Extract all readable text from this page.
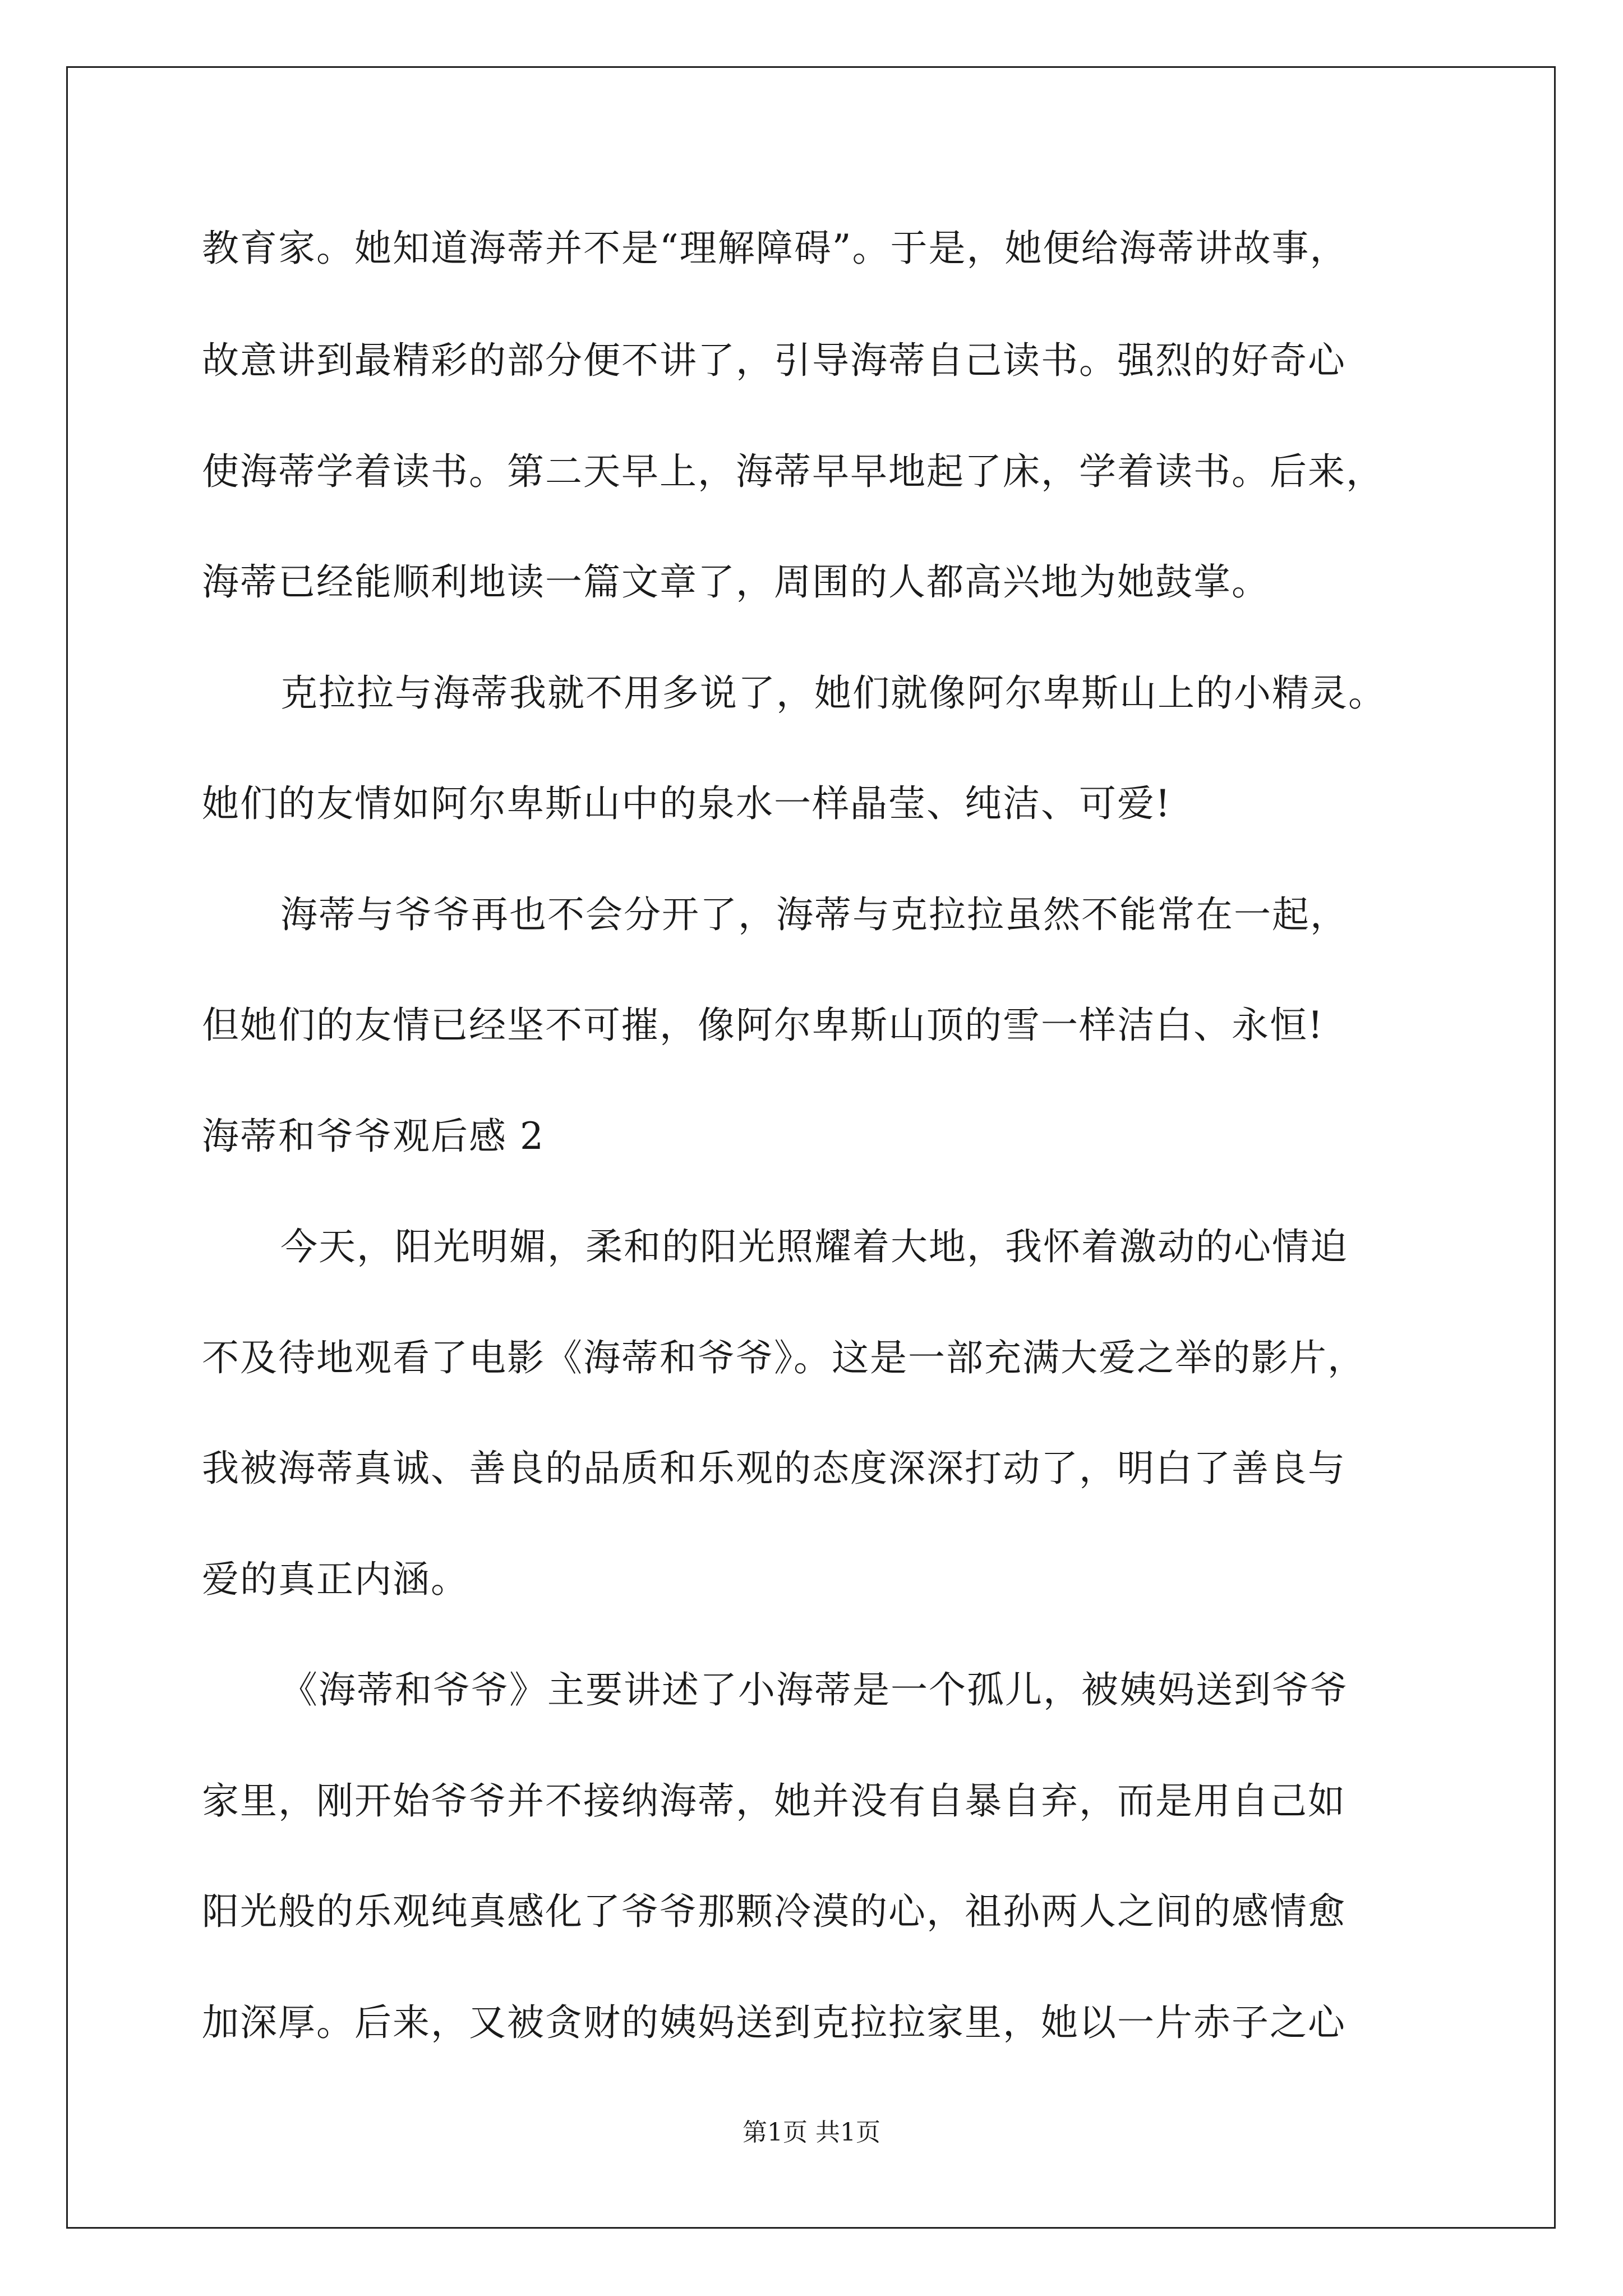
教育家。她知道海蒂并不是“理解障碍”。于是，她便给海蒂讲故事，
故意讲到最精彩的部分便不讲了，引导海蒂自己读书。强烈的好奇心
使海蒂学着读书。第二天早上，海蒂早早地起了床，学着读书。后来，
海蒂已经能顺利地读一篇文章了，周围的人都高兴地为她鼓掌。
克拉拉与海蒂我就不用多说了，她们就像阿尔卑斯山上的小精灵。
她们的友情如阿尔卑斯山中的泉水一样晶莹、纯洁、可爱!
海蒂与爷爷再也不会分开了，海蒂与克拉拉虽然不能常在一起，
但她们的友情已经坚不可摧，像阿尔卑斯山顶的雪一样洁白、永恒!
海蒂和爷爷观后感 2
今天，阳光明媚，柔和的阳光照耀着大地，我怀着激动的心情迫
不及待地观看了电影《海蒂和爷爷》。这是一部充满大爱之举的影片，
我被海蒂真诚、善良的品质和乐观的态度深深打动了，明白了善良与
爱的真正内涵。
《海蒂和爷爷》主要讲述了小海蒂是一个孤儿，被姨妈送到爷爷
家里，刚开始爷爷并不接纳海蒂，她并没有自暴自弃，而是用自己如
阳光般的乐观纯真感化了爷爷那颗冷漠的心，祖孙两人之间的感情愈
加深厚。后来，又被贪财的姨妈送到克拉拉家里，她以一片赤子之心
第1页 共1页
